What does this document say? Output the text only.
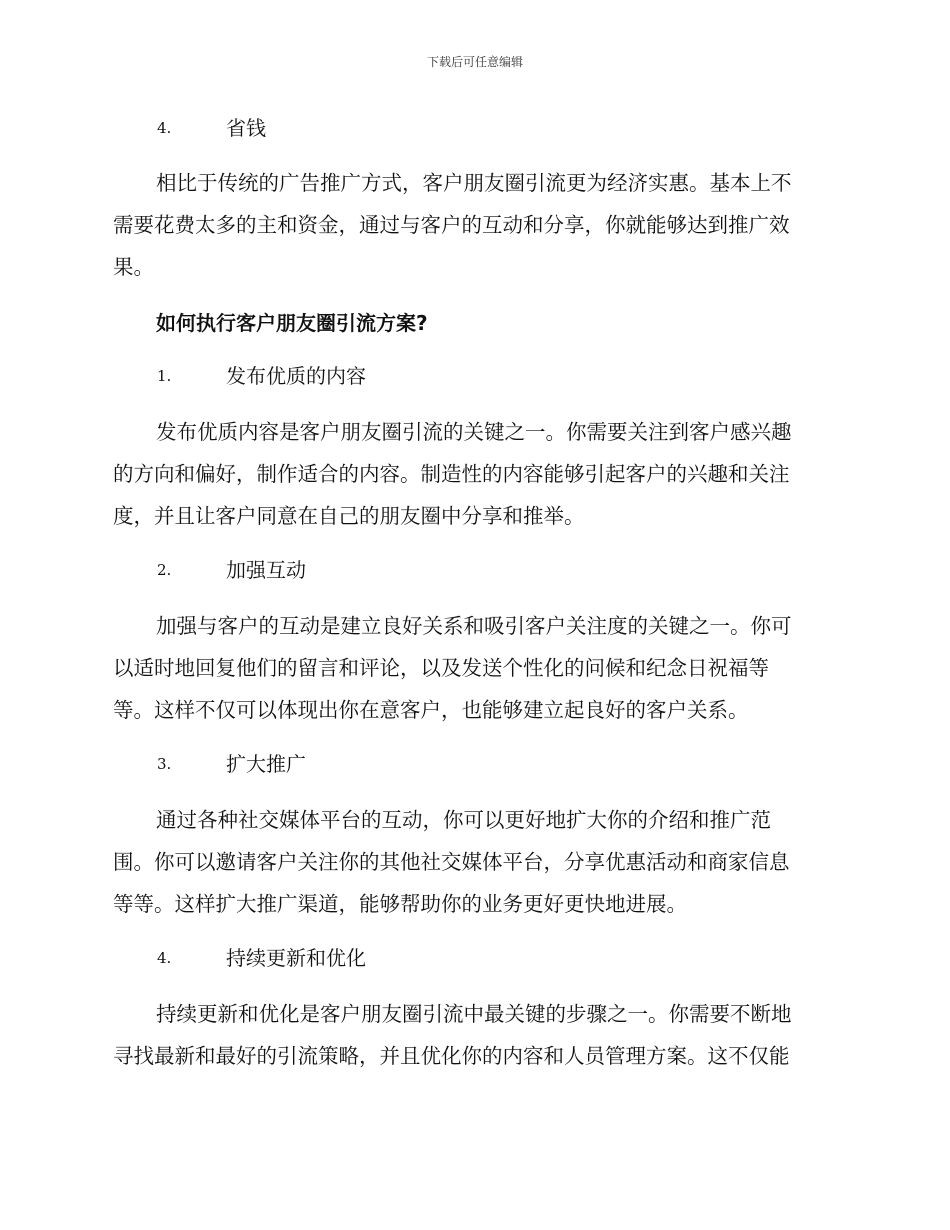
下载后可任意编辑
4.	省钱
相比于传统的广告推广方式，客户朋友圈引流更为经济实惠。基本上不
需要花费太多的主和资金，通过与客户的互动和分享，你就能够达到推广效
果。
如何执行客户朋友圈引流方案?
1.	发布优质的内容
发布优质内容是客户朋友圈引流的关键之一。你需要关注到客户感兴趣
的方向和偏好，制作适合的内容。制造性的内容能够引起客户的兴趣和关注
度，并且让客户同意在自己的朋友圈中分享和推举。
2.	加强互动
加强与客户的互动是建立良好关系和吸引客户关注度的关键之一。你可
以适时地回复他们的留言和评论，以及发送个性化的问候和纪念日祝福等
等。这样不仅可以体现出你在意客户，也能够建立起良好的客户关系。
3.	扩大推广
通过各种社交媒体平台的互动，你可以更好地扩大你的介绍和推广范
围。你可以邀请客户关注你的其他社交媒体平台，分享优惠活动和商家信息
等等。这样扩大推广渠道，能够帮助你的业务更好更快地进展。
4.	持续更新和优化
持续更新和优化是客户朋友圈引流中最关键的步骤之一。你需要不断地
寻找最新和最好的引流策略，并且优化你的内容和人员管理方案。这不仅能
